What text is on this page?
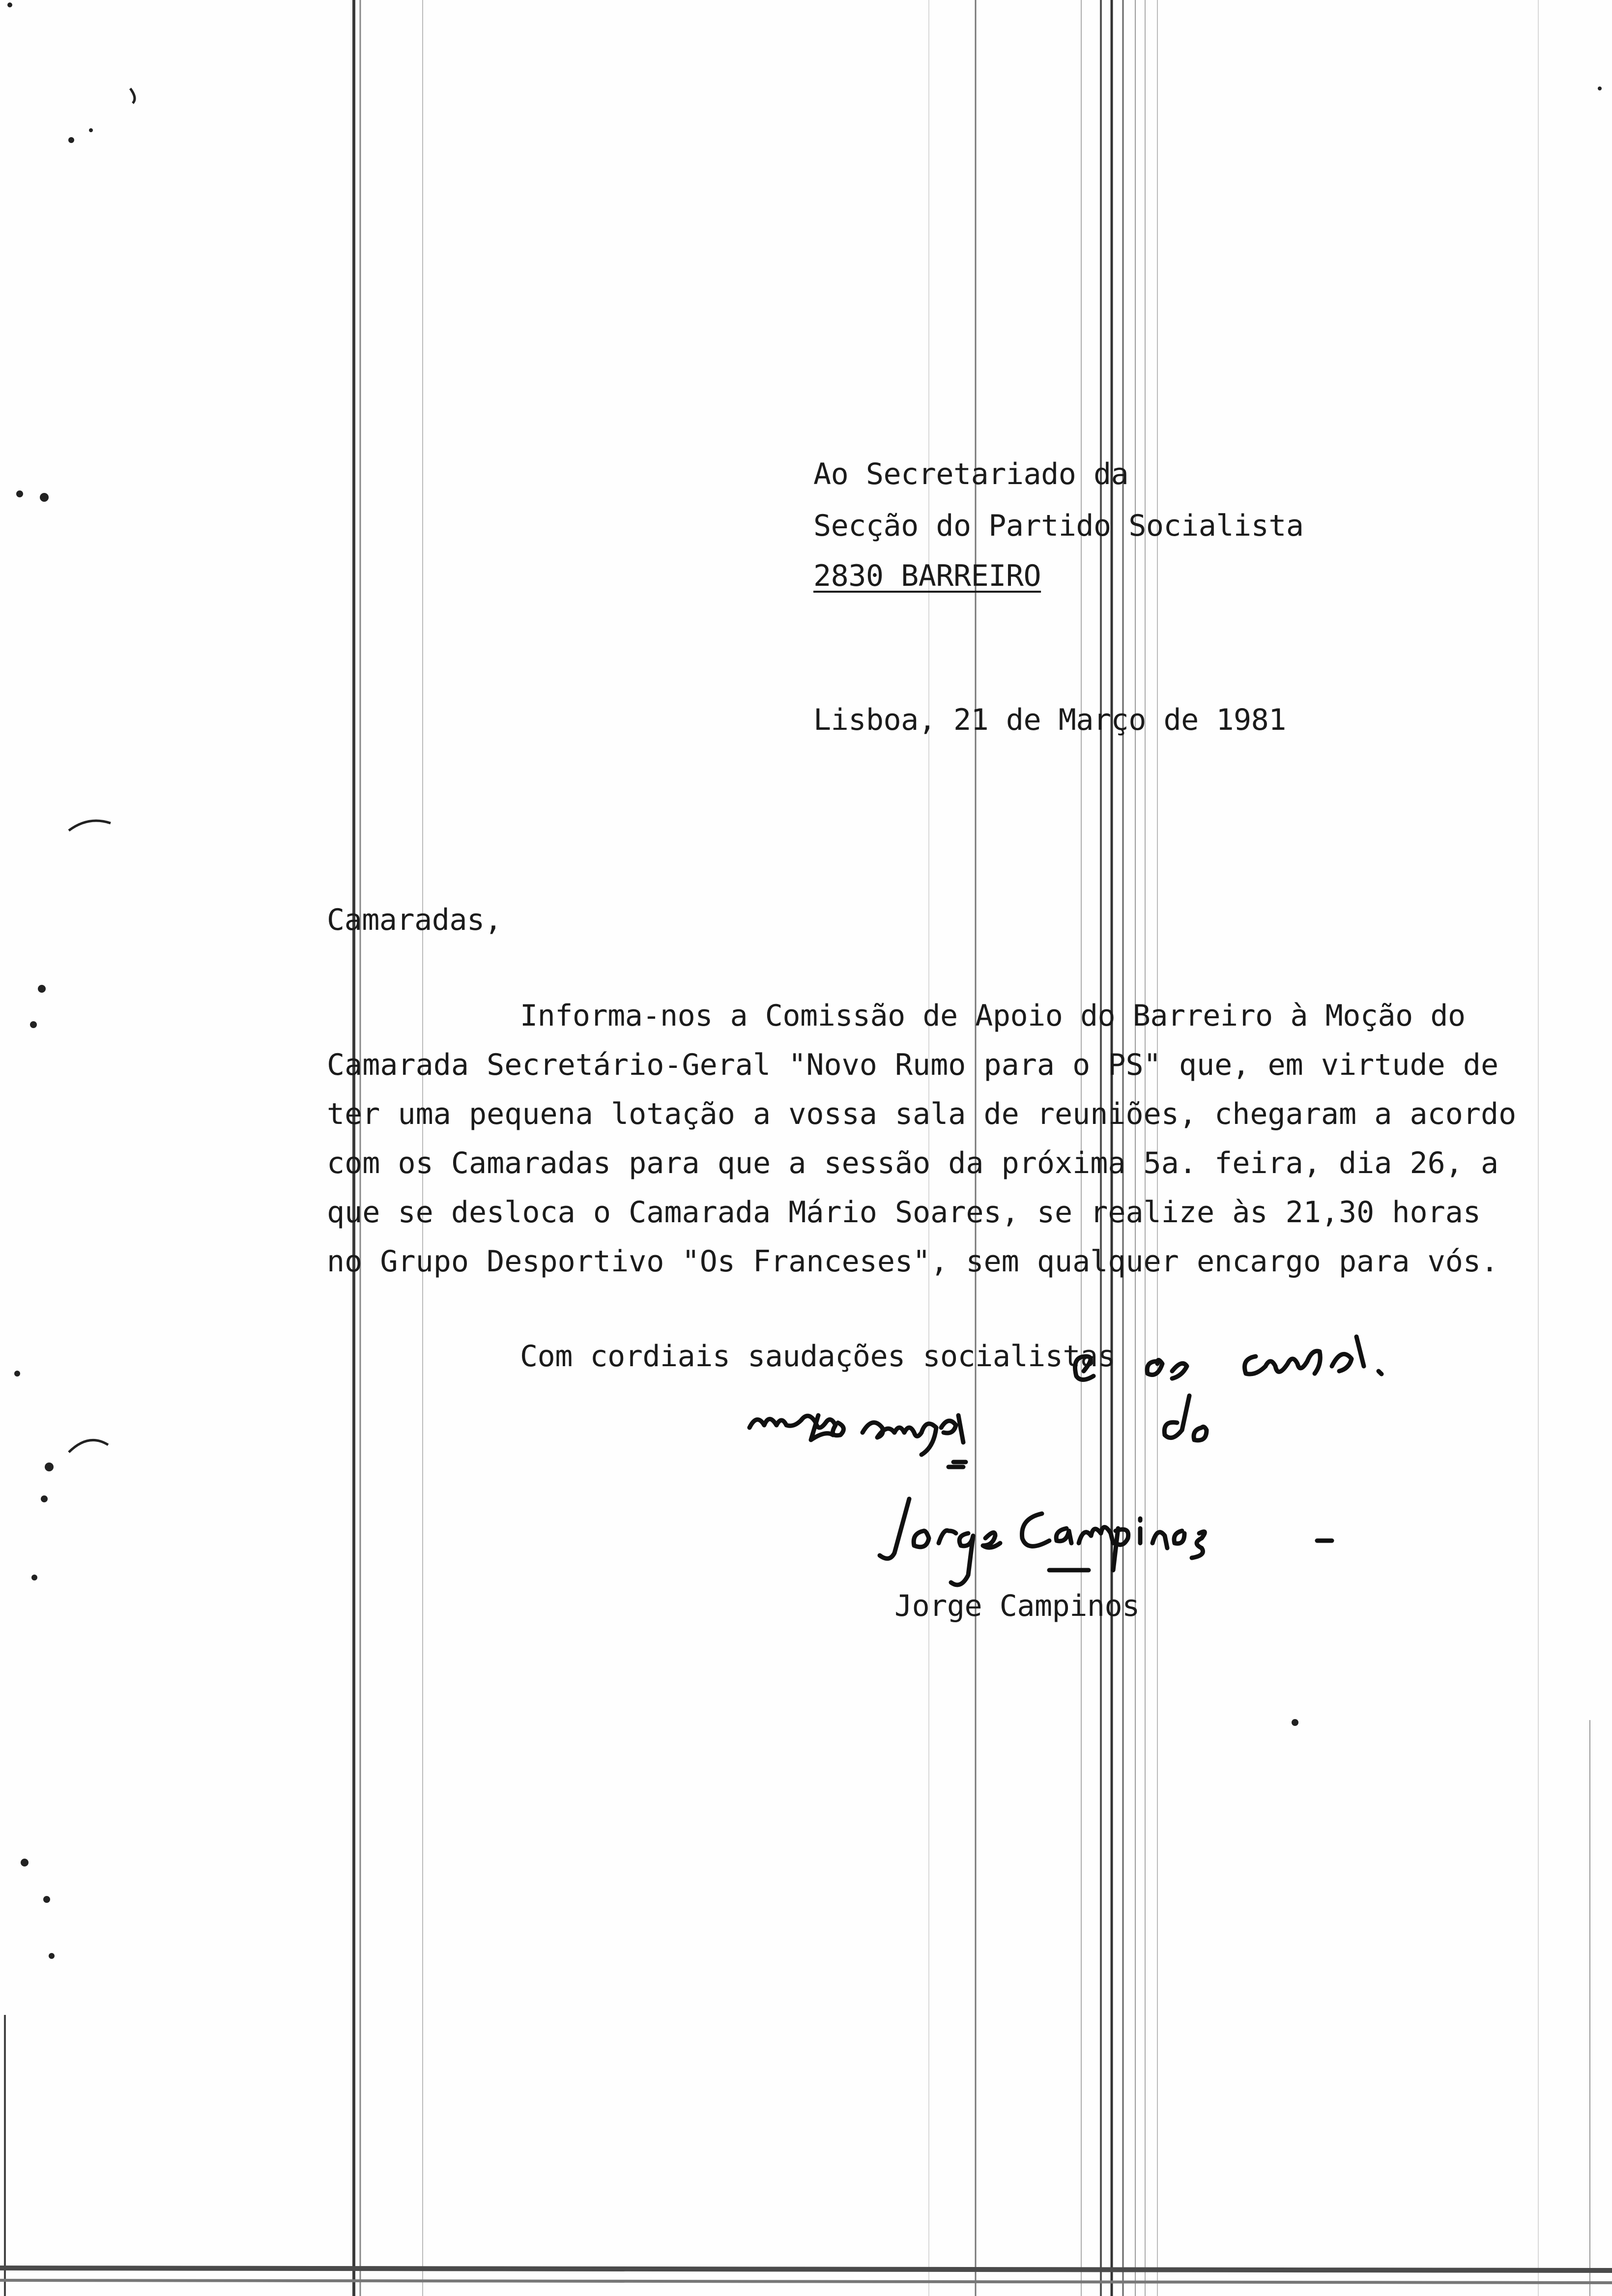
Ao Secretariado da
Secção do Partido Socialista
2830 BARREIRO
Lisboa, 21 de Março de 1981
Camaradas,
Informa-nos a Comissão de Apoio do Barreiro à Moção do
Camarada Secretário-Geral "Novo Rumo para o PS" que, em virtude de
ter uma pequena lotação a vossa sala de reuniões, chegaram a acordo
com os Camaradas para que a sessão da próxima 5a. feira, dia 26, a
que se desloca o Camarada Mário Soares, se realize às 21,30 horas
no Grupo Desportivo "Os Franceses", sem qualquer encargo para vós.
Com cordiais saudações socialistas
Jorge Campinos
